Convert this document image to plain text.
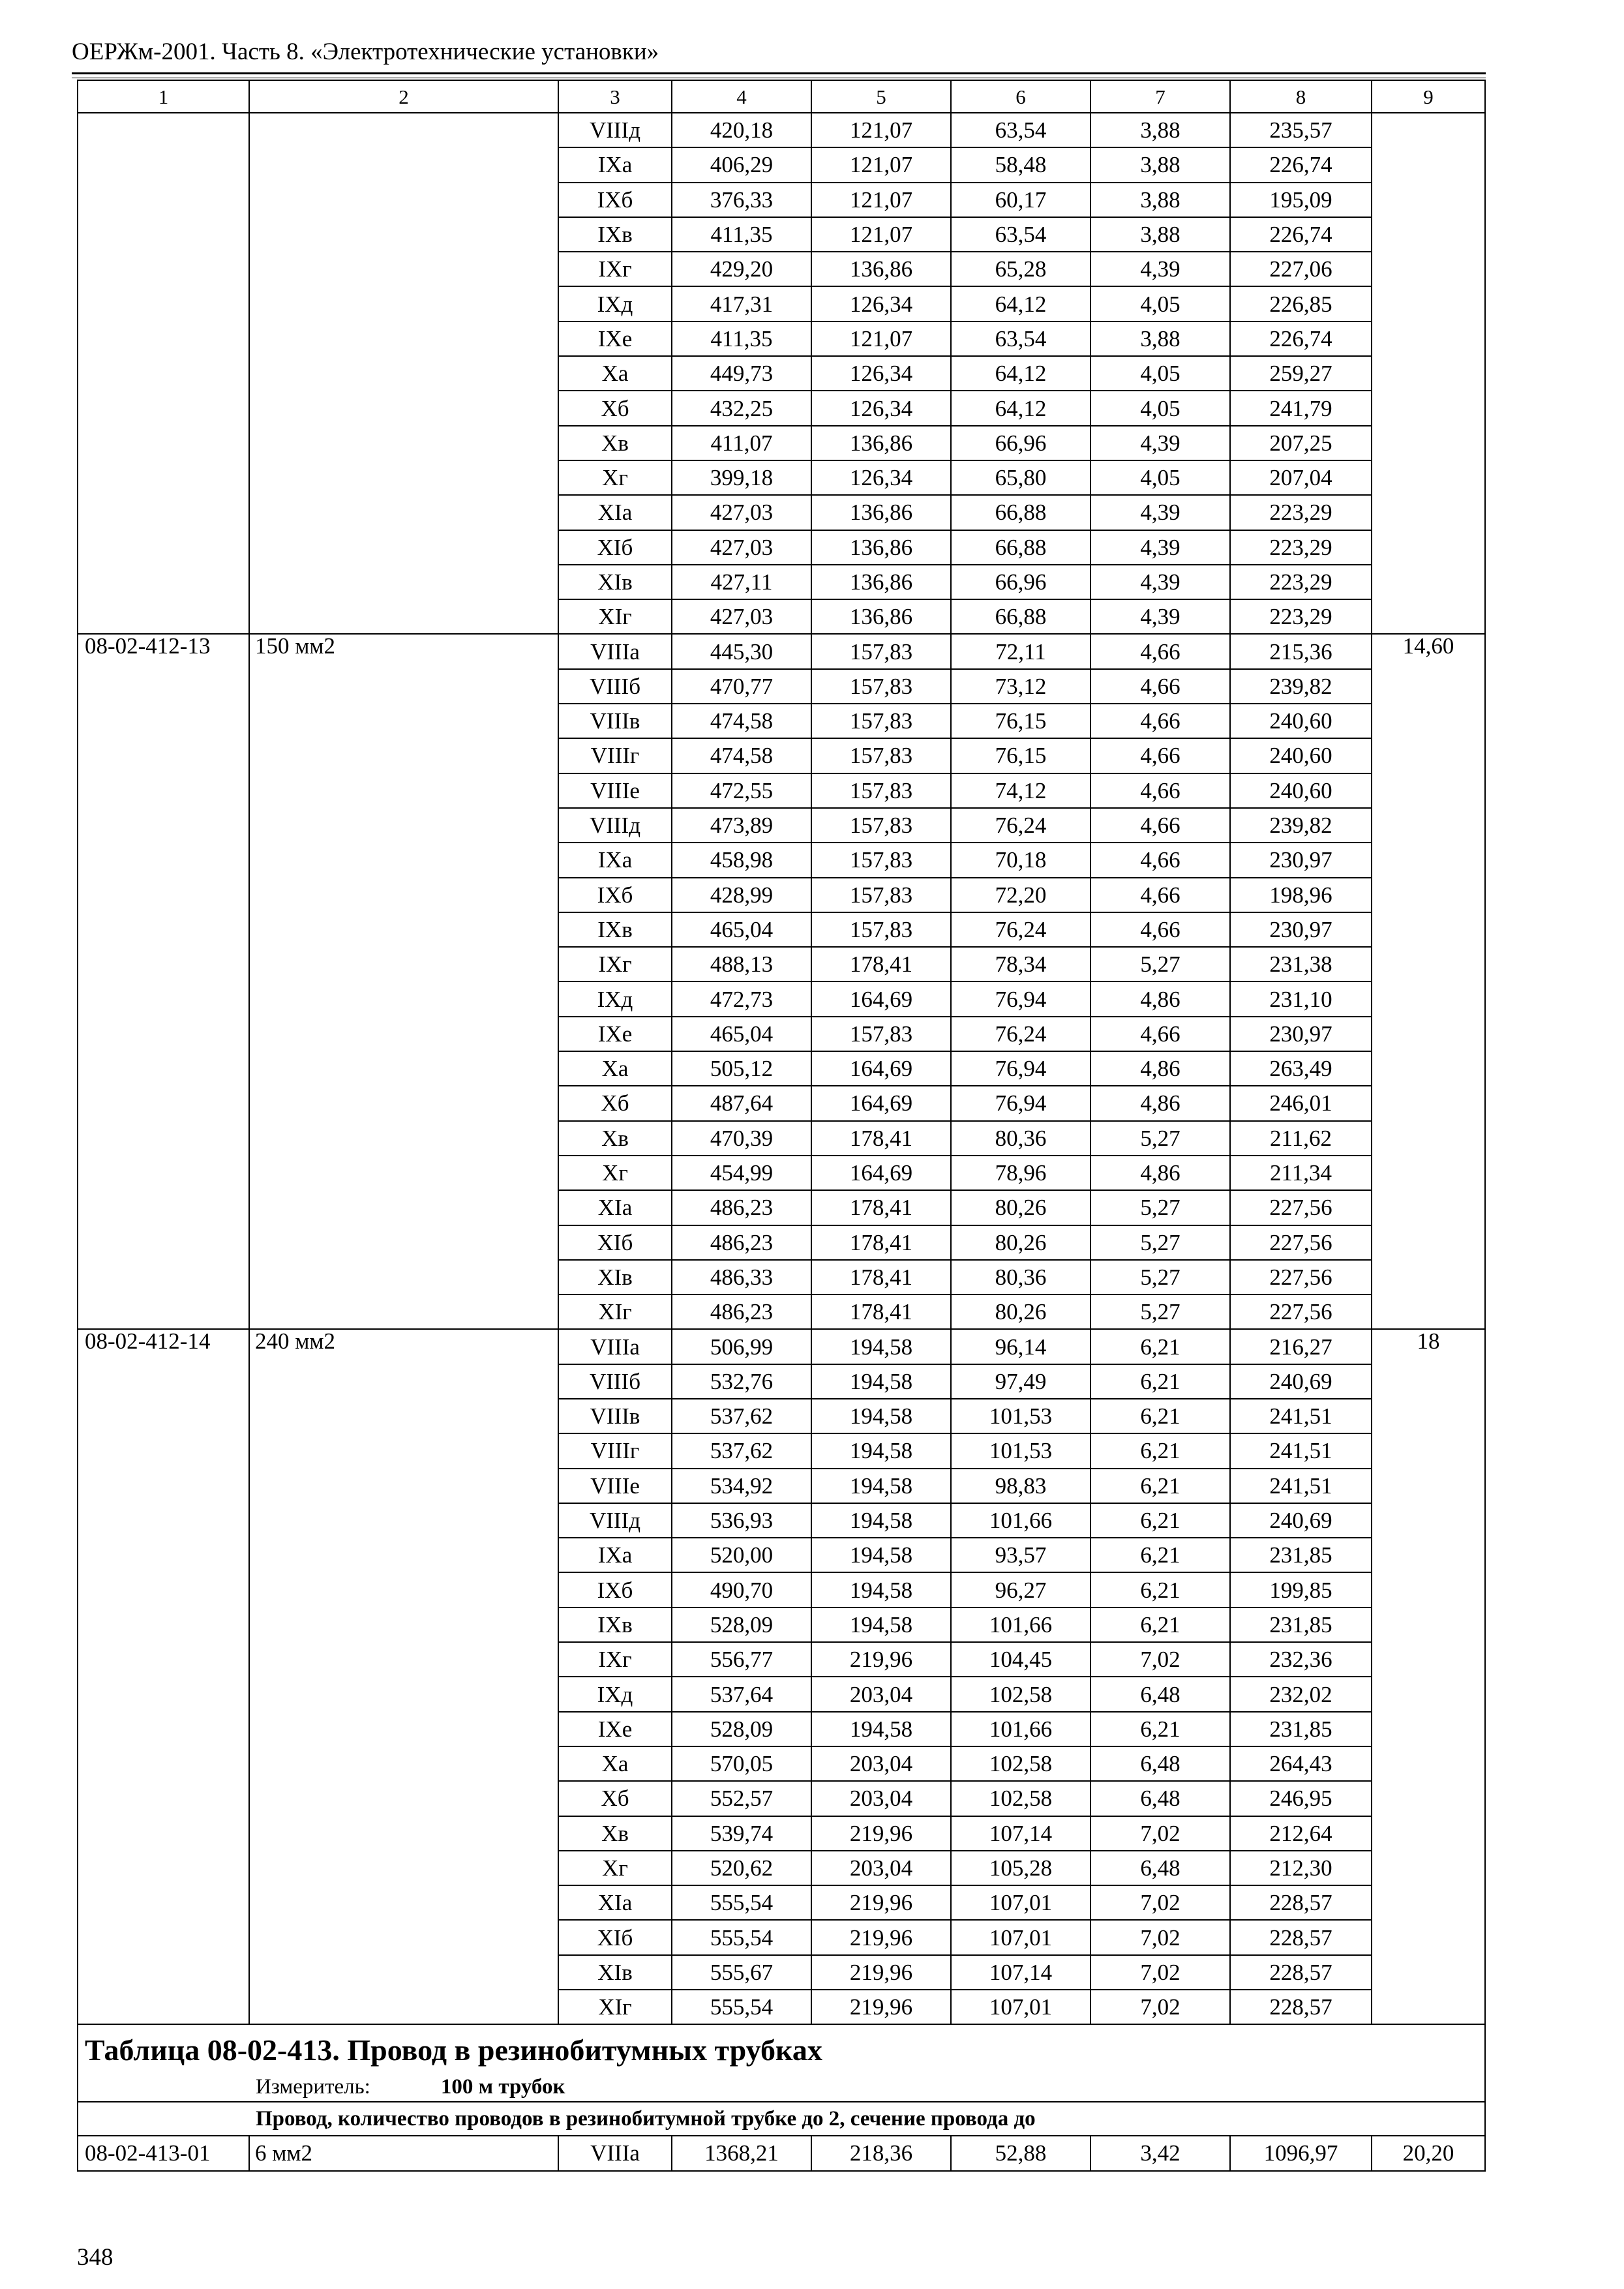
ОЕРЖм-2001. Часть 8. «Электротехнические установки»
1	2	3	4	5	6	7	8	9
		VIIIд	420,18	121,07	63,54	3,88	235,57	
		IXа	406,29	121,07	58,48	3,88	226,74	
		IXб	376,33	121,07	60,17	3,88	195,09	
		IXв	411,35	121,07	63,54	3,88	226,74	
		IXг	429,20	136,86	65,28	4,39	227,06	
		IXд	417,31	126,34	64,12	4,05	226,85	
		IXе	411,35	121,07	63,54	3,88	226,74	
		Xа	449,73	126,34	64,12	4,05	259,27	
		Xб	432,25	126,34	64,12	4,05	241,79	
		Xв	411,07	136,86	66,96	4,39	207,25	
		Xг	399,18	126,34	65,80	4,05	207,04	
		XIа	427,03	136,86	66,88	4,39	223,29	
		XIб	427,03	136,86	66,88	4,39	223,29	
		XIв	427,11	136,86	66,96	4,39	223,29	
		XIг	427,03	136,86	66,88	4,39	223,29	
08-02-412-13	150 мм2	VIIIа	445,30	157,83	72,11	4,66	215,36	14,60
		VIIIб	470,77	157,83	73,12	4,66	239,82	
		VIIIв	474,58	157,83	76,15	4,66	240,60	
		VIIIг	474,58	157,83	76,15	4,66	240,60	
		VIIIе	472,55	157,83	74,12	4,66	240,60	
		VIIIд	473,89	157,83	76,24	4,66	239,82	
		IXа	458,98	157,83	70,18	4,66	230,97	
		IXб	428,99	157,83	72,20	4,66	198,96	
		IXв	465,04	157,83	76,24	4,66	230,97	
		IXг	488,13	178,41	78,34	5,27	231,38	
		IXд	472,73	164,69	76,94	4,86	231,10	
		IXе	465,04	157,83	76,24	4,66	230,97	
		Xа	505,12	164,69	76,94	4,86	263,49	
		Xб	487,64	164,69	76,94	4,86	246,01	
		Xв	470,39	178,41	80,36	5,27	211,62	
		Xг	454,99	164,69	78,96	4,86	211,34	
		XIа	486,23	178,41	80,26	5,27	227,56	
		XIб	486,23	178,41	80,26	5,27	227,56	
		XIв	486,33	178,41	80,36	5,27	227,56	
		XIг	486,23	178,41	80,26	5,27	227,56	
08-02-412-14	240 мм2	VIIIа	506,99	194,58	96,14	6,21	216,27	18
		VIIIб	532,76	194,58	97,49	6,21	240,69	
		VIIIв	537,62	194,58	101,53	6,21	241,51	
		VIIIг	537,62	194,58	101,53	6,21	241,51	
		VIIIе	534,92	194,58	98,83	6,21	241,51	
		VIIIд	536,93	194,58	101,66	6,21	240,69	
		IXа	520,00	194,58	93,57	6,21	231,85	
		IXб	490,70	194,58	96,27	6,21	199,85	
		IXв	528,09	194,58	101,66	6,21	231,85	
		IXг	556,77	219,96	104,45	7,02	232,36	
		IXд	537,64	203,04	102,58	6,48	232,02	
		IXе	528,09	194,58	101,66	6,21	231,85	
		Xа	570,05	203,04	102,58	6,48	264,43	
		Xб	552,57	203,04	102,58	6,48	246,95	
		Xв	539,74	219,96	107,14	7,02	212,64	
		Xг	520,62	203,04	105,28	6,48	212,30	
		XIа	555,54	219,96	107,01	7,02	228,57	
		XIб	555,54	219,96	107,01	7,02	228,57	
		XIв	555,67	219,96	107,14	7,02	228,57	
		XIг	555,54	219,96	107,01	7,02	228,57	

Таблица 08-02-413. Провод в резинобитумных трубках
Измеритель: 100 м трубок								

Провод, количество проводов в резинобитумной трубке до 2, сечение провода до								
08-02-413-01	6 мм2	VIIIа	1368,21	218,36	52,88	3,42	1096,97	20,20
348
